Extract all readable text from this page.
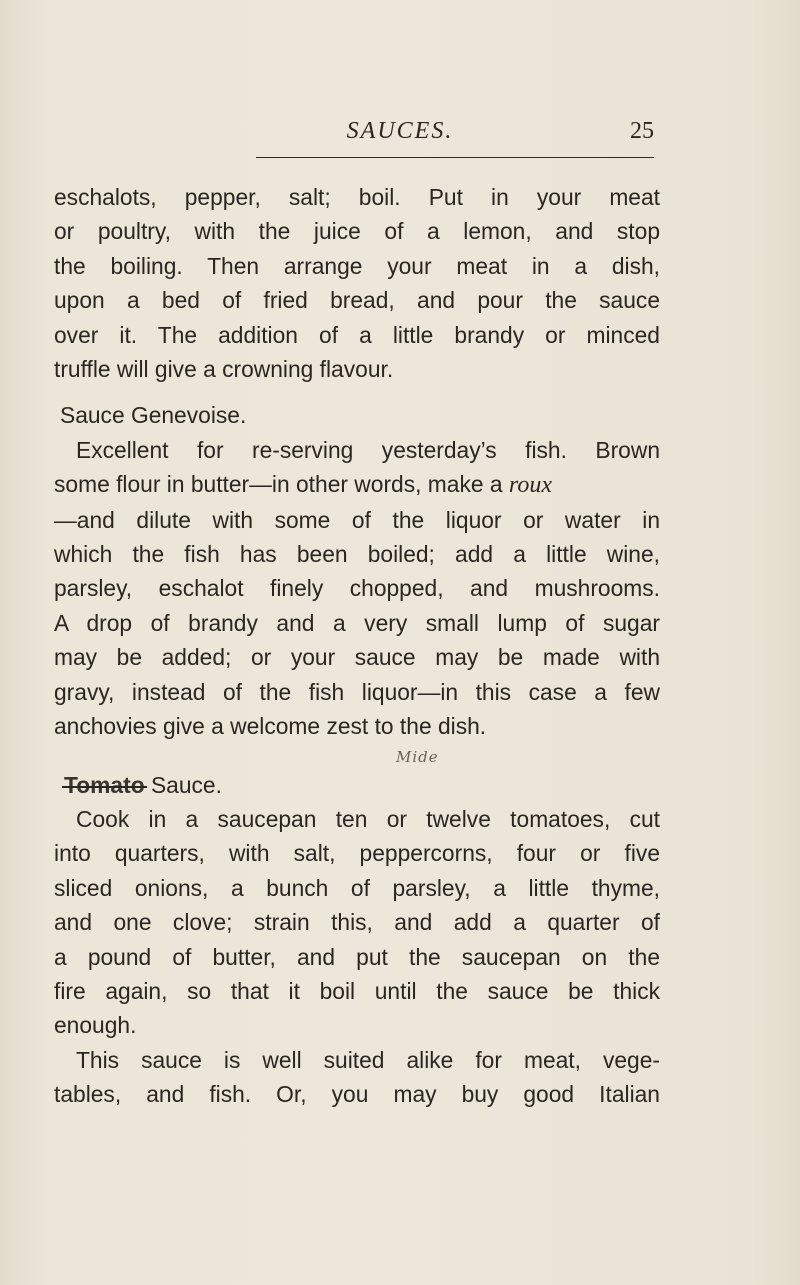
SAUCES.	25

eschalots, pepper, salt; boil. Put in your meat
or poultry, with the juice of a lemon, and stop
the boiling. Then arrange your meat in a dish,
upon a bed of fried bread, and pour the sauce
over it. The addition of a little brandy or minced
truffle will give a crowning flavour.

Sauce Genevoise.

Excellent for re-serving yesterday’s fish. Brown
some flour in butter—in other words, make a roux
—and dilute with some of the liquor or water in
which the fish has been boiled; add a little wine,
parsley, eschalot finely chopped, and mushrooms.
A drop of brandy and a very small lump of sugar
may be added; or your sauce may be made with
gravy, instead of the fish liquor—in this case a few
anchovies give a welcome zest to the dish.

Mide

Tomato Sauce.

Cook in a saucepan ten or twelve tomatoes, cut
into quarters, with salt, peppercorns, four or five
sliced onions, a bunch of parsley, a little thyme,
and one clove; strain this, and add a quarter of
a pound of butter, and put the saucepan on the
fire again, so that it boil until the sauce be thick
enough.

This sauce is well suited alike for meat, vege-
tables, and fish. Or, you may buy good Italian
